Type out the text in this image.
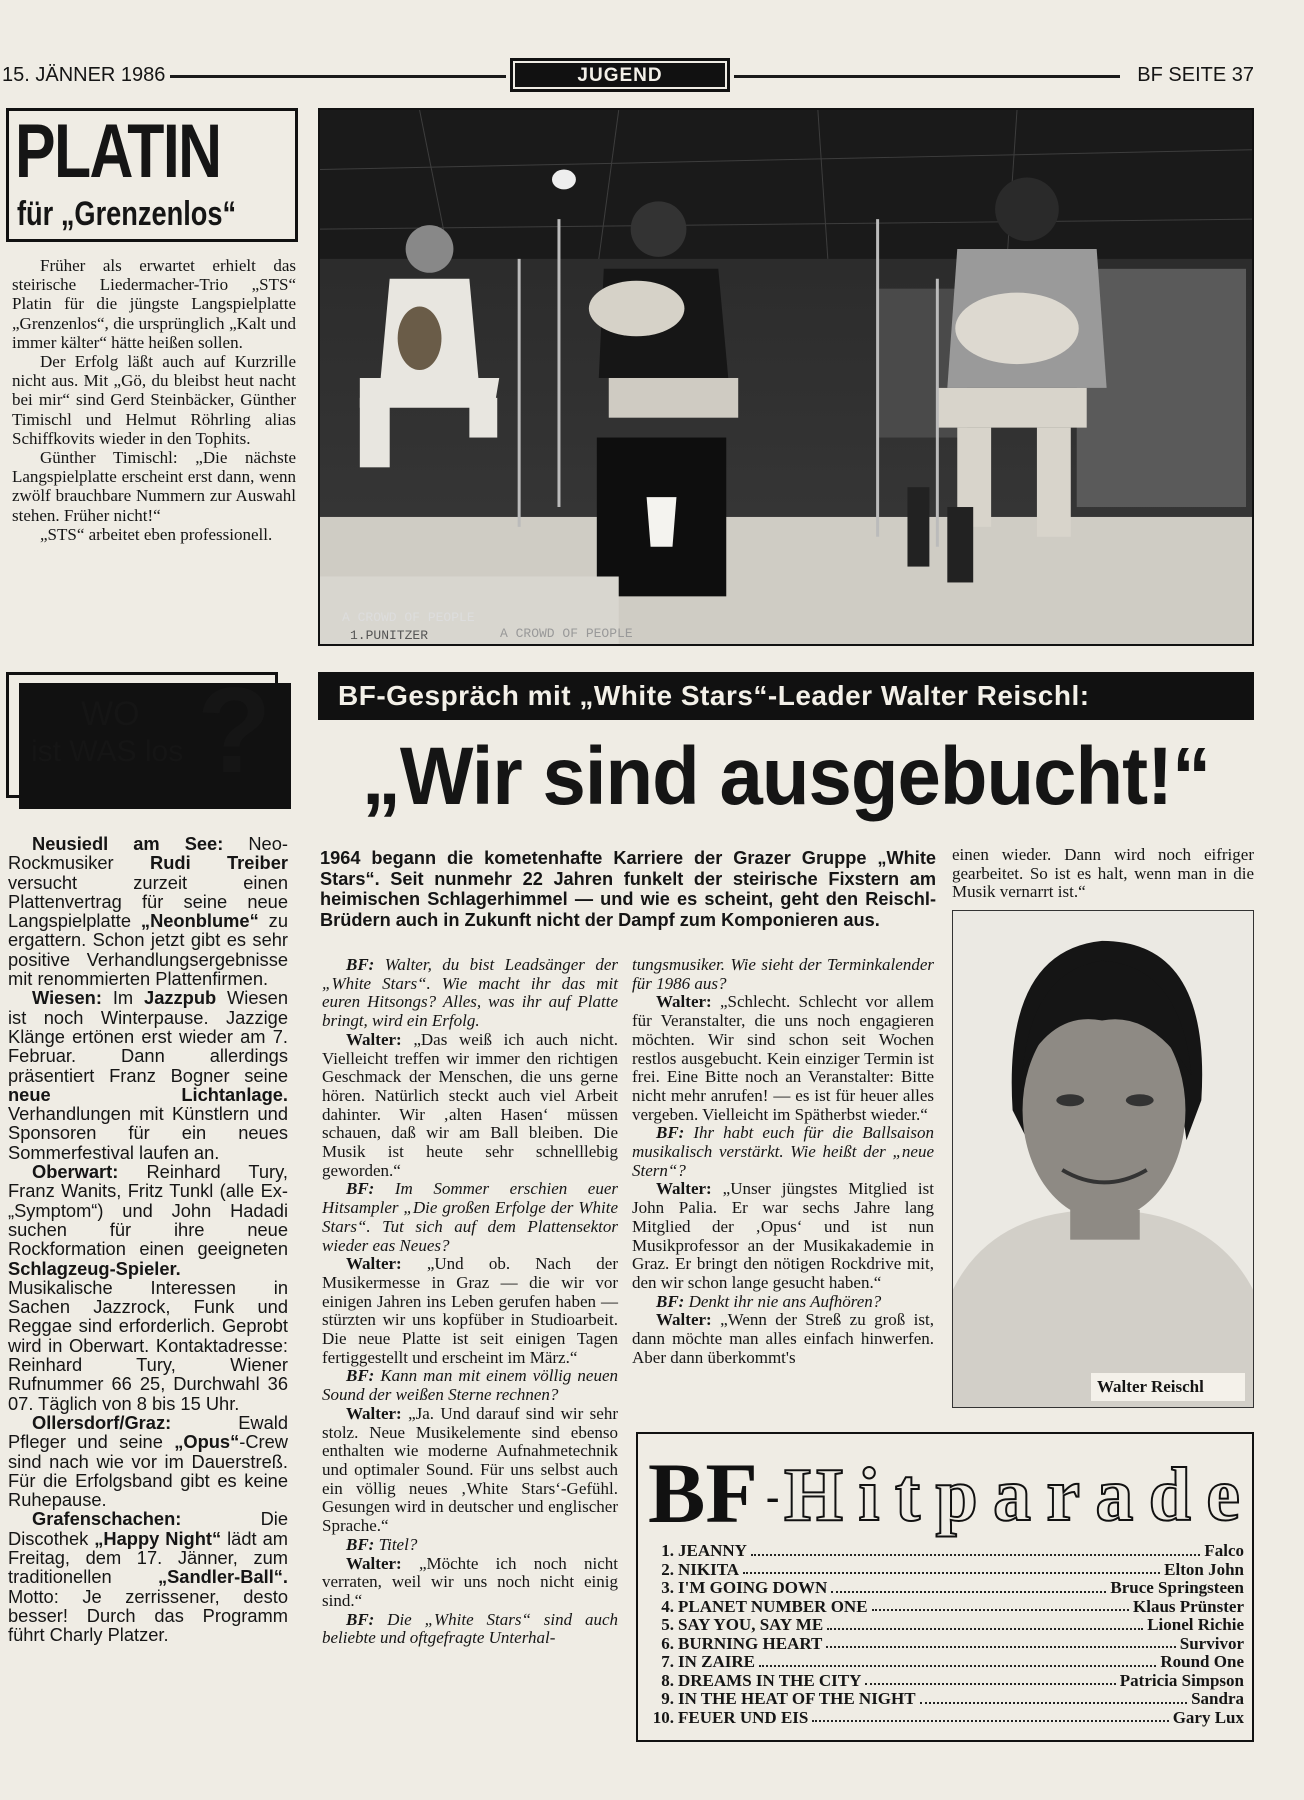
15. JÄNNER 1986	JUGEND	BF SEITE 37
PLATIN
für „Grenzenlos“

Früher als erwartet erhielt das steirische Liedermacher-Trio „STS“ Platin für die jüngste Langspielplatte „Grenzenlos“, die ursprünglich „Kalt und immer kälter“ hätte heißen sollen.

Der Erfolg läßt auch auf Kurzrille nicht aus. Mit „Gö, du bleibst heut nacht bei mir“ sind Gerd Steinbäcker, Günther Timischl und Helmut Röhrling alias Schiffkovits wieder in den Tophits.

Günther Timischl: „Die nächste Langspielplatte erscheint erst dann, wenn zwölf brauchbare Nummern zur Auswahl stehen. Früher nicht!“

„STS“ arbeitet eben professionell.

A CROWD OF PEOPLE
1.PUNITZER	A CROWD OF PEOPLE
WO
ist WAS los ?

Neusiedl am See: Neo-Rockmusiker Rudi Treiber versucht zurzeit einen Plattenvertrag für seine neue Langspielplatte „Neonblume“ zu ergattern. Schon jetzt gibt es sehr positive Verhandlungsergebnisse mit renommierten Plattenfirmen.

Wiesen: Im Jazzpub Wiesen ist noch Winterpause. Jazzige Klänge ertönen erst wieder am 7. Februar. Dann allerdings präsentiert Franz Bogner seine neue Lichtanlage. Verhandlungen mit Künstlern und Sponsoren für ein neues Sommerfestival laufen an.

Oberwart: Reinhard Tury, Franz Wanits, Fritz Tunkl (alle Ex-„Symptom“) und John Hadadi suchen für ihre neue Rockformation einen geeigneten Schlagzeug-Spieler. Musikalische Interessen in Sachen Jazzrock, Funk und Reggae sind erforderlich. Geprobt wird in Oberwart. Kontaktadresse: Reinhard Tury, Wiener Rufnummer 66 25, Durchwahl 36 07. Täglich von 8 bis 15 Uhr.

Ollersdorf/Graz: Ewald Pfleger und seine „Opus“-Crew sind nach wie vor im Dauerstreß. Für die Erfolgsband gibt es keine Ruhepause.

Grafenschachen: Die Discothek „Happy Night“ lädt am Freitag, dem 17. Jänner, zum traditionellen „Sandler-Ball“. Motto: Je zerrissener, desto besser! Durch das Programm führt Charly Platzer.

BF-Gespräch mit „White Stars“-Leader Walter Reischl:
„Wir sind ausgebucht!“
1964 begann die kometenhafte Karriere der Grazer Gruppe „White Stars“. Seit nunmehr 22 Jahren funkelt der steirische Fixstern am heimischen Schlagerhimmel — und wie es scheint, geht den Reischl-Brüdern auch in Zukunft nicht der Dampf zum Komponieren aus.

BF: Walter, du bist Leadsänger der „White Stars“. Wie macht ihr das mit euren Hitsongs? Alles, was ihr auf Platte bringt, wird ein Erfolg.

Walter: „Das weiß ich auch nicht. Vielleicht treffen wir immer den richtigen Geschmack der Menschen, die uns gerne hören. Natürlich steckt auch viel Arbeit dahinter. Wir ‚alten Hasen‘ müssen schauen, daß wir am Ball bleiben. Die Musik ist heute sehr schnelllebig geworden.“

BF: Im Sommer erschien euer Hitsampler „Die großen Erfolge der White Stars“. Tut sich auf dem Plattensektor wieder eas Neues?

Walter: „Und ob. Nach der Musikermesse in Graz — die wir vor einigen Jahren ins Leben gerufen haben — stürzten wir uns kopfüber in Studioarbeit. Die neue Platte ist seit einigen Tagen fertiggestellt und erscheint im März.“

BF: Kann man mit einem völlig neuen Sound der weißen Sterne rechnen?

Walter: „Ja. Und darauf sind wir sehr stolz. Neue Musikelemente sind ebenso enthalten wie moderne Aufnahmetechnik und optimaler Sound. Für uns selbst auch ein völlig neues ‚White Stars‘-Gefühl. Gesungen wird in deutscher und englischer Sprache.“

BF: Titel?

Walter: „Möchte ich noch nicht verraten, weil wir uns noch nicht einig sind.“

BF: Die „White Stars“ sind auch beliebte und oftgefragte Unterhal-

tungsmusiker. Wie sieht der Terminkalender für 1986 aus?

Walter: „Schlecht. Schlecht vor allem für Veranstalter, die uns noch engagieren möchten. Wir sind schon seit Wochen restlos ausgebucht. Kein einziger Termin ist frei. Eine Bitte noch an Veranstalter: Bitte nicht mehr anrufen! — es ist für heuer alles vergeben. Vielleicht im Spätherbst wieder.“

BF: Ihr habt euch für die Ballsaison musikalisch verstärkt. Wie heißt der „neue Stern“?

Walter: „Unser jüngstes Mitglied ist John Palia. Er war sechs Jahre lang Mitglied der ‚Opus‘ und ist nun Musikprofessor an der Musikakademie in Graz. Er bringt den nötigen Rockdrive mit, den wir schon lange gesucht haben.“

BF: Denkt ihr nie ans Aufhören?

Walter: „Wenn der Streß zu groß ist, dann möchte man alles einfach hinwerfen. Aber dann überkommt's

einen wieder. Dann wird noch eifriger gearbeitet. So ist es halt, wenn man in die Musik vernarrt ist.“

Walter Reischl
BF - Hitparade
1. JEANNY	Falco
2. NIKITA	Elton John
3. I'M GOING DOWN	Bruce Springsteen
4. PLANET NUMBER ONE	Klaus Prünster
5. SAY YOU, SAY ME	Lionel Richie
6. BURNING HEART	Survivor
7. IN ZAIRE	Round One
8. DREAMS IN THE CITY	Patricia Simpson
9. IN THE HEAT OF THE NIGHT	Sandra
10. FEUER UND EIS	Gary Lux
